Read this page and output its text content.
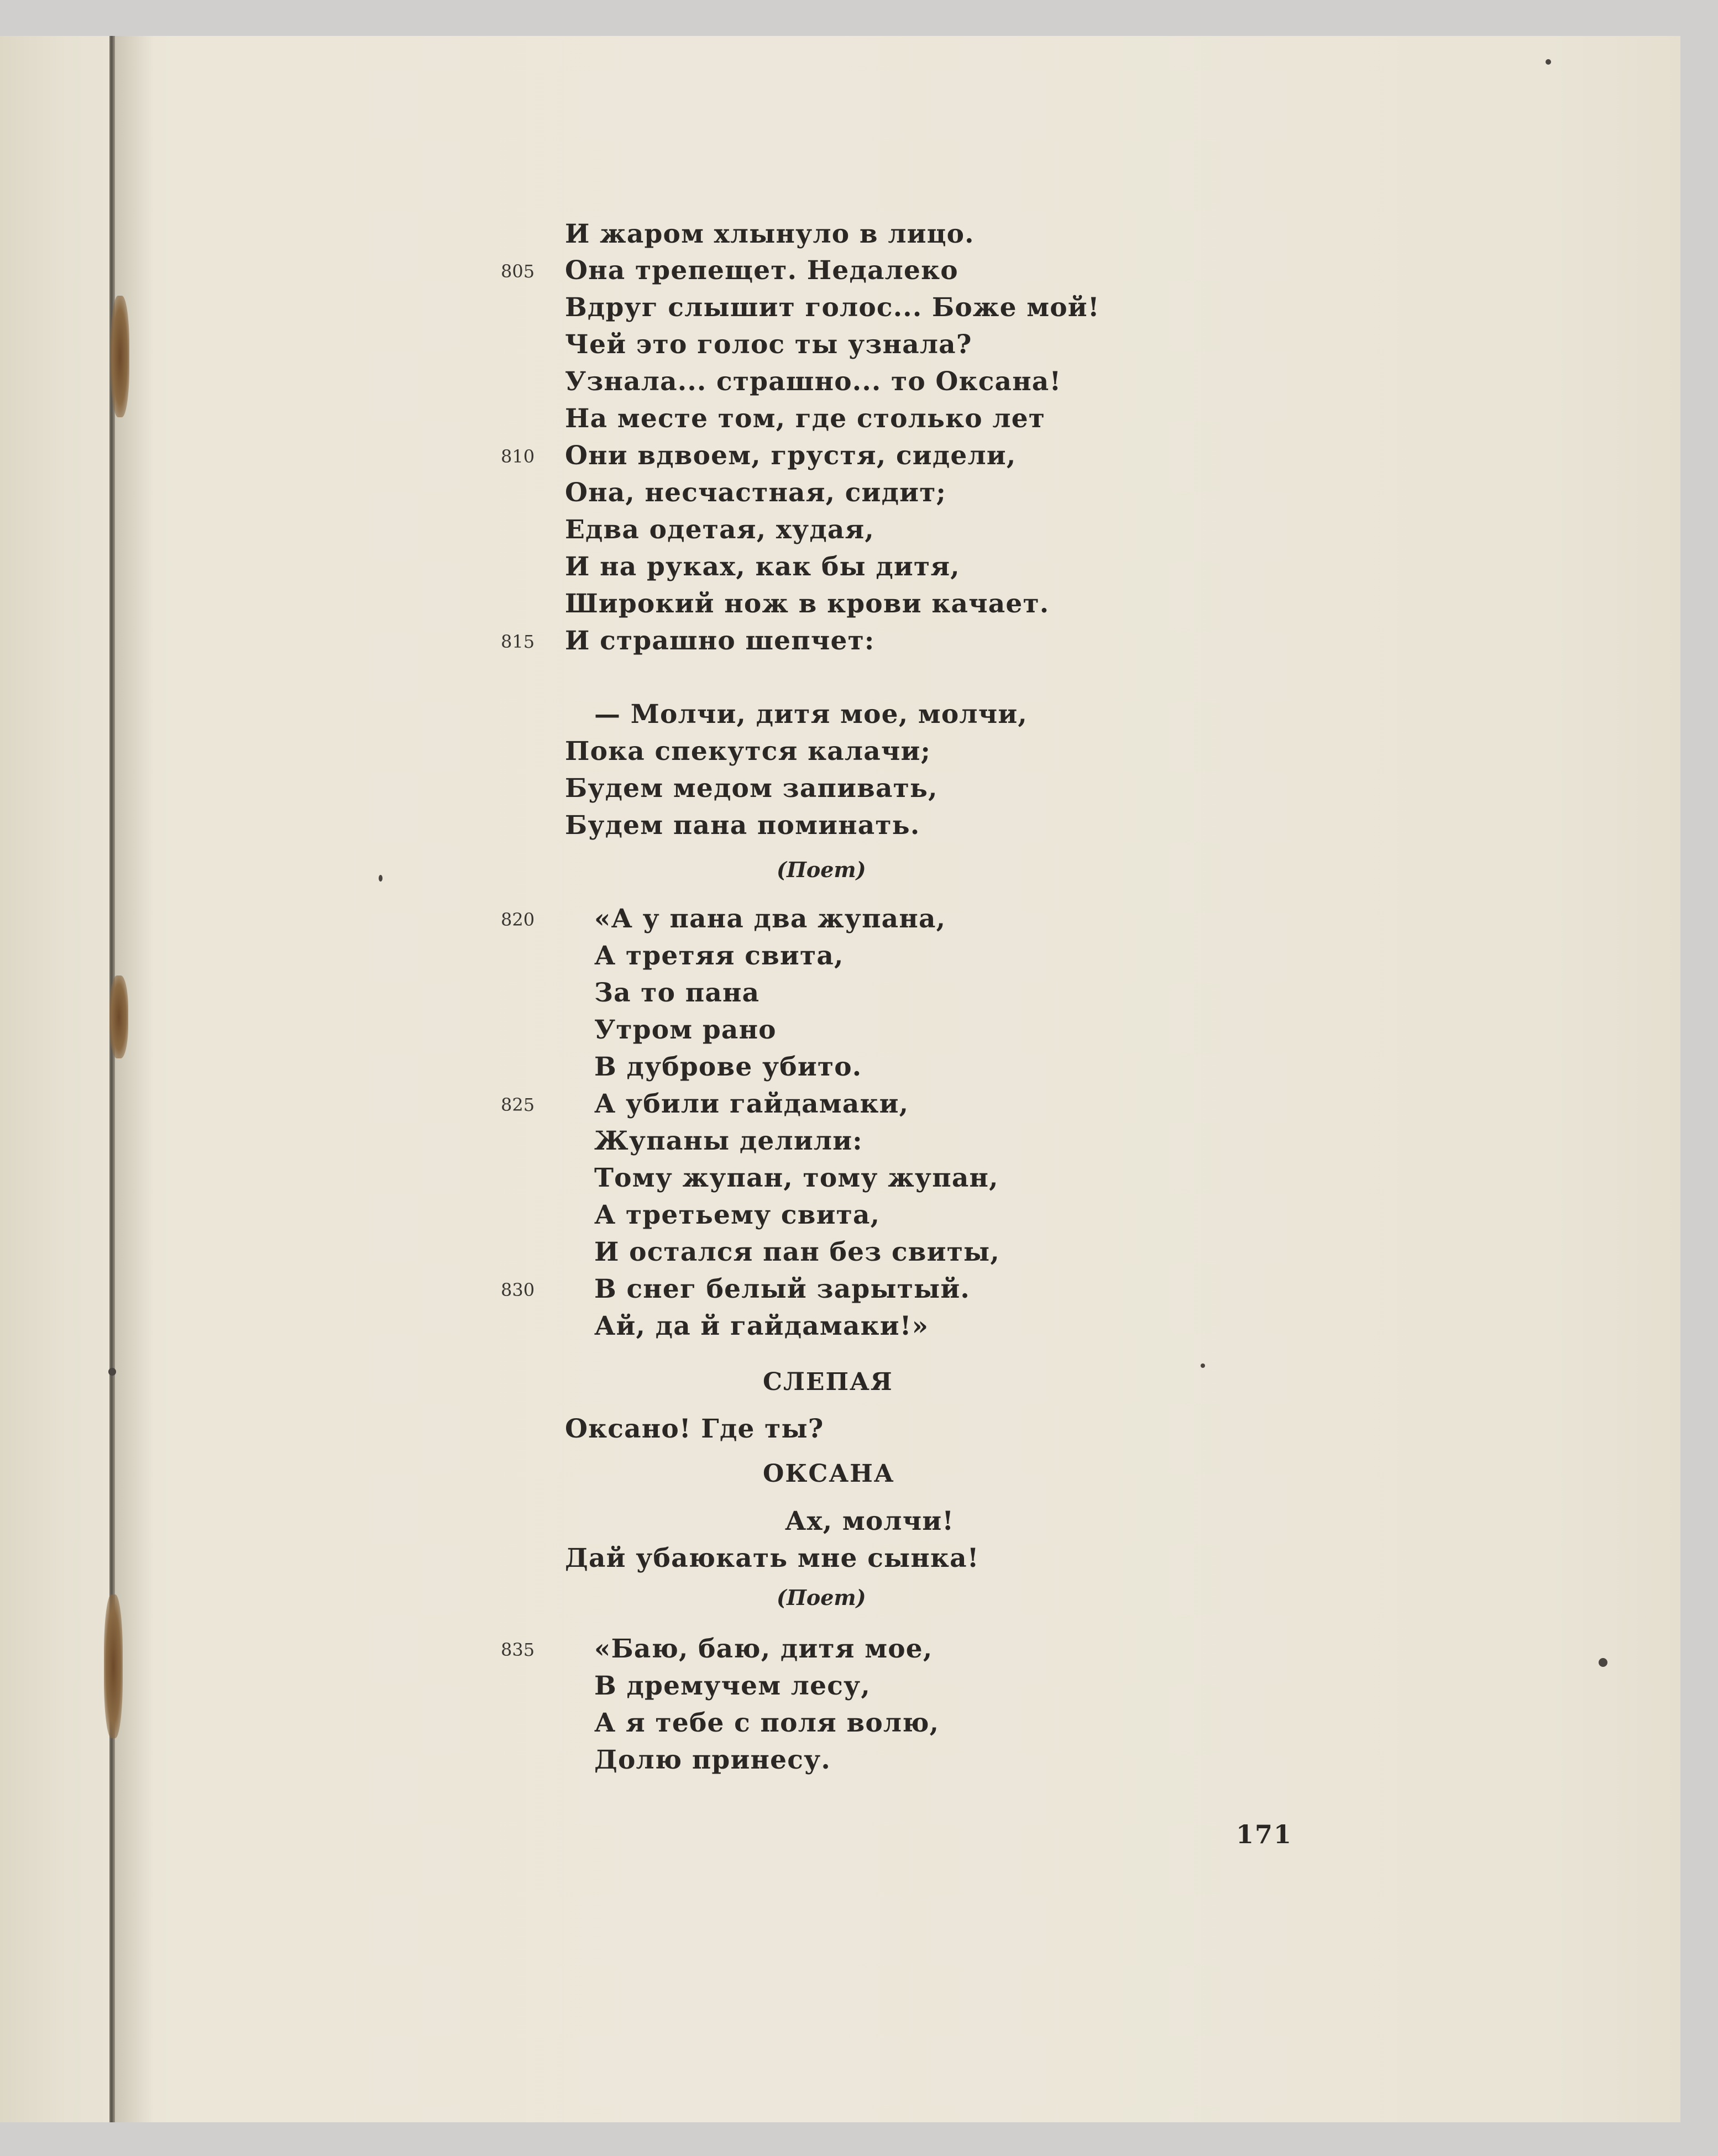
И жаром хлынуло в лицо.
Она трепещет. Недалеко
Вдруг слышит голос... Боже мой!
Чей это голос ты узнала?
Узнала... страшно... то Оксана!
На месте том, где столько лет
Они вдвоем, грустя, сидели,
Она, несчастная, сидит;
Едва одетая, худая,
И на руках, как бы дитя,
Широкий нож в крови качает.
И страшно шепчет:
— Молчи, дитя мое, молчи,
Пока спекутся калачи;
Будем медом запивать,
Будем пана поминать.
(Поет)
«А у пана два жупана,
А третяя свита,
За то пана
Утром рано
В дуброве убито.
А убили гайдамаки,
Жупаны делили:
Тому жупан, тому жупан,
А третьему свита,
И остался пан без свиты,
В снег белый зарытый.
Ай, да й гайдамаки!»
СЛЕПАЯ
Оксано! Где ты?
ОКСАНА
Ах, молчи!
Дай убаюкать мне сынка!
(Поет)
«Баю, баю, дитя мое,
В дремучем лесу,
А я тебе с поля волю,
Долю принесу.
805
810
815
820
825
830
835
171
